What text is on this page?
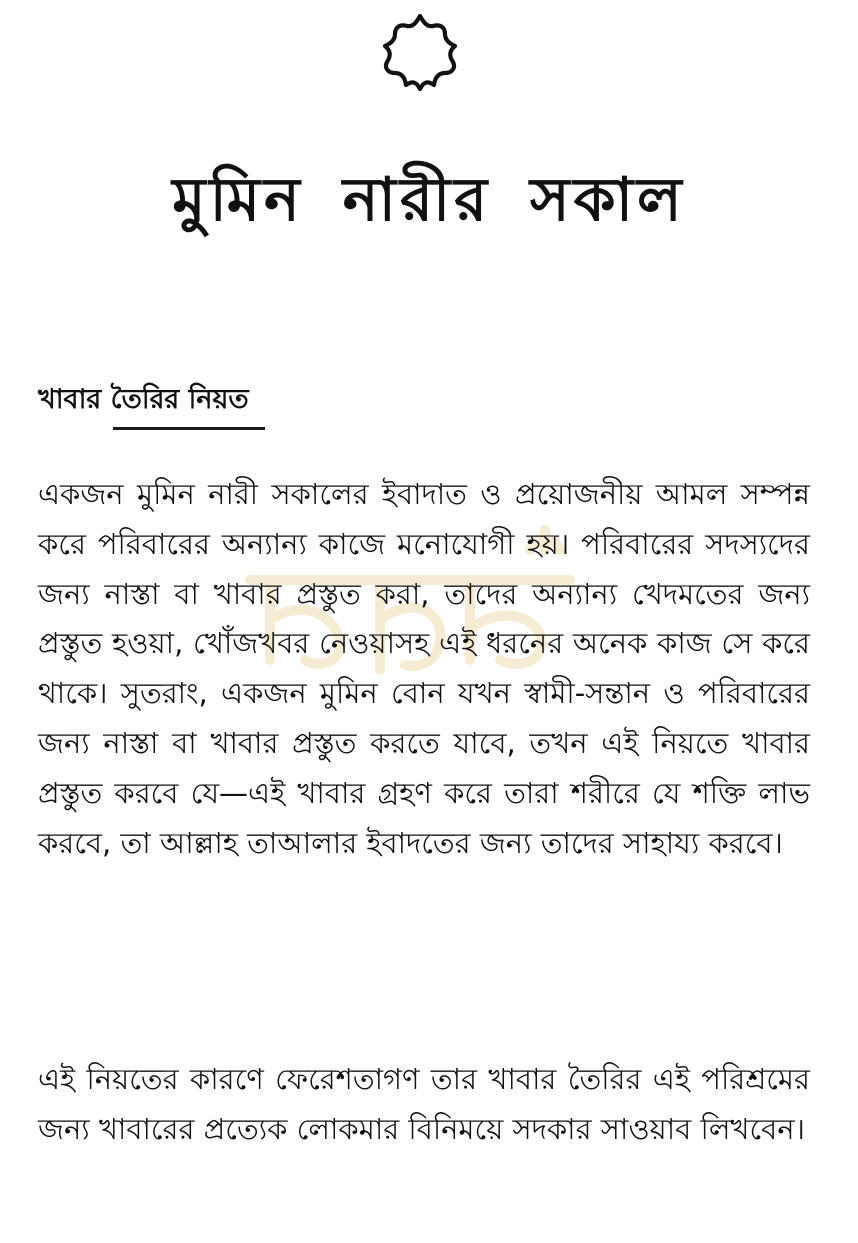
মুমিন নারীর সকাল
খাবার তৈরির নিয়ত

একজন মুমিন নারী সকালের ইবাদাত ও প্রয়োজনীয় আমল সম্পন্ন করে পরিবারের অন্যান্য কাজে মনোযোগী হয়। পরিবারের সদস্যদের জন্য নাস্তা বা খাবার প্রস্তুত করা, তাদের অন্যান্য খেদমতের জন্য প্রস্তুত হওয়া, খোঁজখবর নেওয়াসহ এই ধরনের অনেক কাজ সে করে থাকে। সুতরাং, একজন মুমিন বোন যখন স্বামী-সন্তান ও পরিবারের জন্য নাস্তা বা খাবার প্রস্তুত করতে যাবে, তখন এই নিয়তে খাবার প্রস্তুত করবে যে—এই খাবার গ্রহণ করে তারা শরীরে যে শক্তি লাভ করবে, তা আল্লাহ তাআলার ইবাদতের জন্য তাদের সাহায্য করবে।

এই নিয়তের কারণে ফেরেশতাগণ তার খাবার তৈরির এই পরিশ্রমের জন্য খাবারের প্রত্যেক লোকমার বিনিময়ে সদকার সাওয়াব লিখবেন।
